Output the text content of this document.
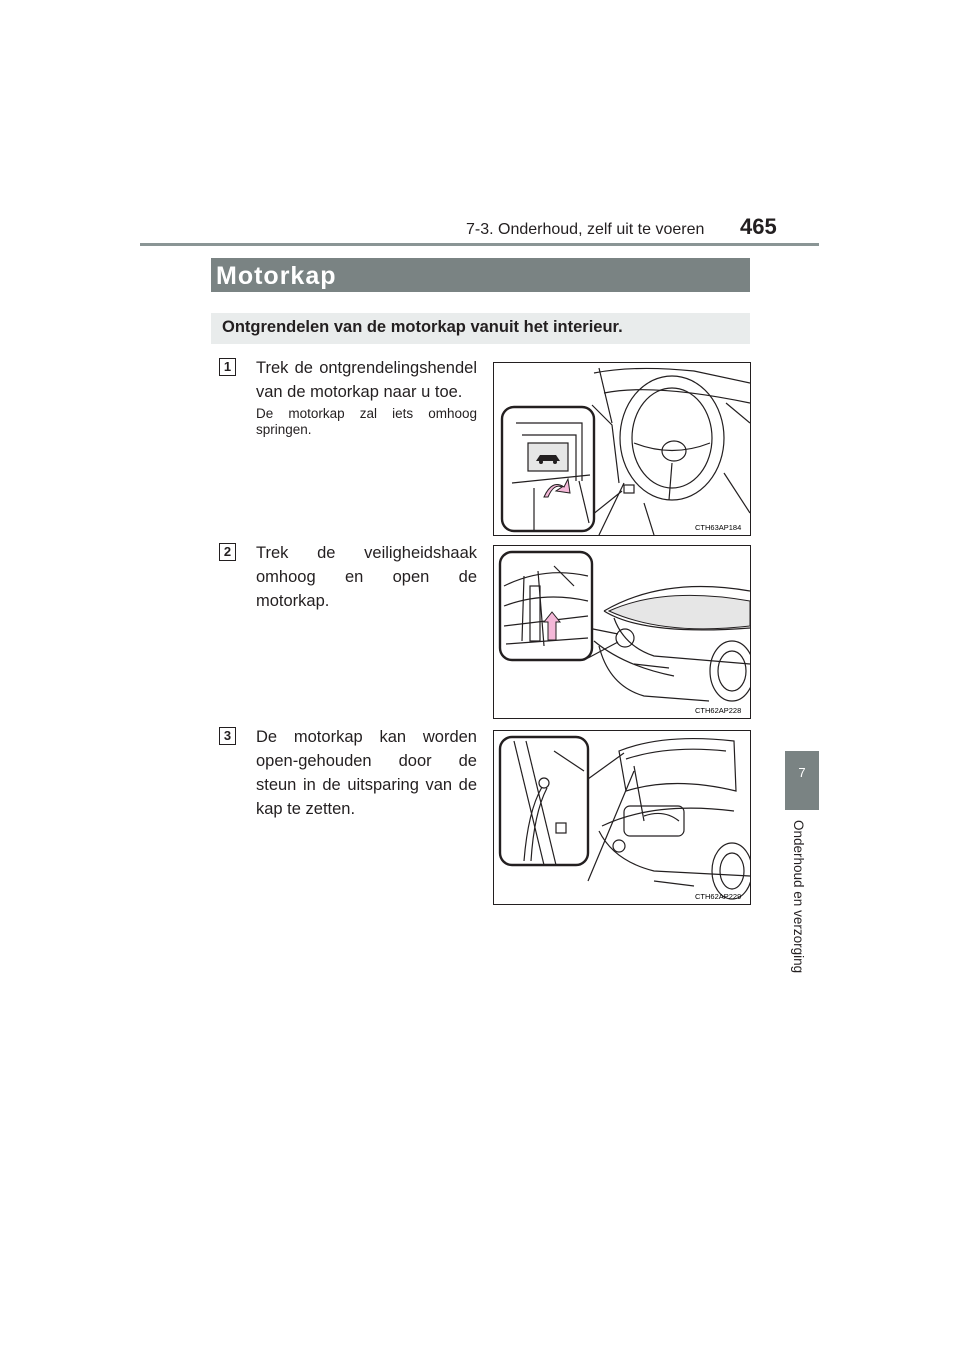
7-3. Onderhoud, zelf uit te voeren 465
Motorkap
Ontgrendelen van de motorkap vanuit het interieur.
1 Trek de ontgrendelingshendel van de motorkap naar u toe.
De motorkap zal iets omhoog springen.
CTH63AP184
2 Trek de veiligheidshaak omhoog en open de motorkap.
CTH62AP228
3 De motorkap kan worden open-gehouden door de steun in de uitsparing van de kap te zetten.
CTH62AP229
7
Onderhoud en verzorging
